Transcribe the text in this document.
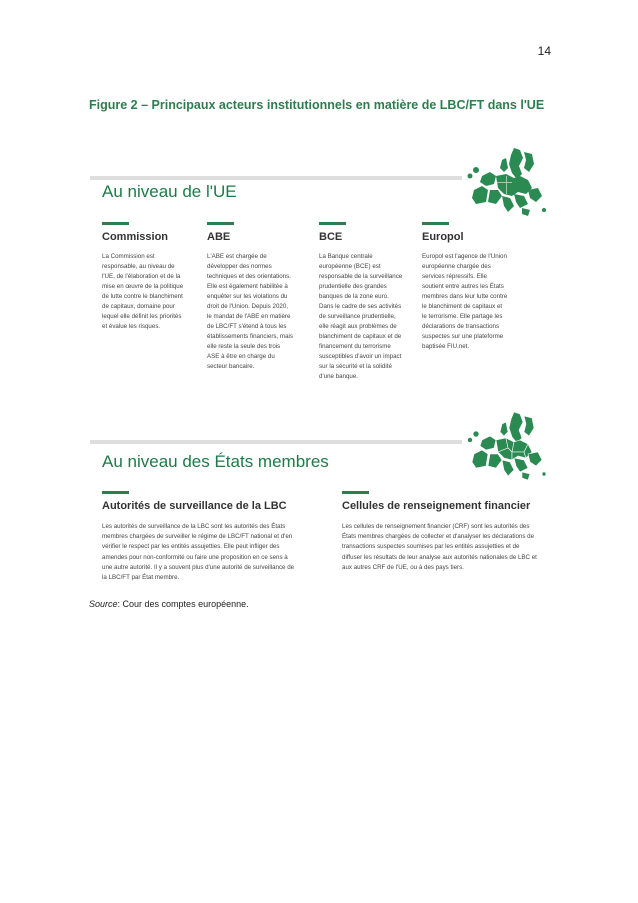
14
Figure 2 – Principaux acteurs institutionnels en matière de LBC/FT dans l'UE
Au niveau de l'UE
Commission
La Commission est responsable, au niveau de l'UE, de l'élaboration et de la mise en œuvre de la politique de lutte contre le blanchiment de capitaux, domaine pour lequel elle définit les priorités et évalue les risques.
ABE
L'ABE est chargée de développer des normes techniques et des orientations. Elle est également habilitée à enquêter sur les violations du droit de l'Union. Depuis 2020, le mandat de l'ABE en matière de LBC/FT s'étend à tous les établissements financiers, mais elle reste la seule des trois ASE à être en charge du secteur bancaire.
BCE
La Banque centrale européenne (BCE) est responsable de la surveillance prudentielle des grandes banques de la zone euro. Dans le cadre de ses activités de surveillance prudentielle, elle réagit aux problèmes de blanchiment de capitaux et de financement du terrorisme susceptibles d'avoir un impact sur la sécurité et la solidité d'une banque.
Europol
Europol est l'agence de l'Union européenne chargée des services répressifs. Elle soutient entre autres les États membres dans leur lutte contre le blanchiment de capitaux et le terrorisme. Elle partage les déclarations de transactions suspectes sur une plateforme baptisée FIU.net.
Au niveau des États membres
Autorités de surveillance de la LBC
Les autorités de surveillance de la LBC sont les autorités des États membres chargées de surveiller le régime de LBC/FT national et d'en vérifier le respect par les entités assujetties. Elle peut infliger des amendes pour non-conformité ou faire une proposition en ce sens à une autre autorité. Il y a souvent plus d'une autorité de surveillance de la LBC/FT par État membre.
Cellules de renseignement financier
Les cellules de renseignement financier (CRF) sont les autorités des États membres chargées de collecter et d'analyser les déclarations de transactions suspectes soumises par les entités assujetties et de diffuser les résultats de leur analyse aux autorités nationales de LBC et aux autres CRF de l'UE, ou à des pays tiers.
Source: Cour des comptes européenne.
